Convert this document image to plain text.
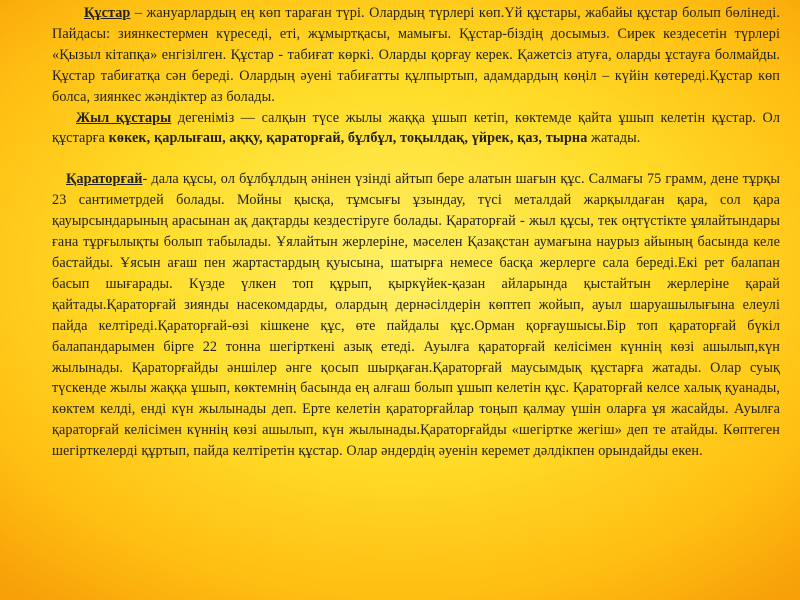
Құстар – жануарлардың ең көп тараған түрі. Олардың түрлері көп.Үй құстары, жабайы құстар болып бөлінеді. Пайдасы: зиянкестермен күреседі, еті, жұмыртқасы, мамығы. Құстар-біздің досымыз. Сирек кездесетін түрлері «Қызыл кітапқа» енгізілген. Құстар - табиғат көркі. Оларды қорғау керек. Қажетсіз атуға, оларды ұстауға болмайды. Құстар табиғатқа сән береді. Олардың әуені табиғатты құлпыртып, адамдардың көңіл – күйін көтереді.Құстар көп болса, зиянкес жәндіктер аз болады.

Жыл құстары дегеніміз — салқын түсе жылы жаққа ұшып кетіп, көктемде қайта ұшып келетін құстар. Ол құстарға көкек, қарлығаш, аққу, қараторғай, бұлбұл, тоқылдақ, үйрек, қаз, тырна жатады.

Қараторғай- дала құсы, ол бұлбұлдың әнінен үзінді айтып бере алатын шағын құс. Салмағы 75 грамм, дене тұрқы 23 сантиметрдей болады. Мойны қысқа, тұмсығы ұзындау, түсі металдай жарқылдаған қара, сол қара қауырсындарының арасынан ақ дақтарды кездестіруге болады. Қараторғай - жыл құсы, тек оңтүстікте ұялайтындары ғана тұрғылықты болып табылады. Ұялайтын жерлеріне, мәселен Қазақстан аумағына наурыз айының басында келе бастайды. Ұясын ағаш пен жартастардың қуысына, шатырға немесе басқа жерлерге сала береді.Екі рет балапан басып шығарады. Күзде үлкен топ құрып, қыркүйек-қазан айларында қыстайтын жерлеріне қарай қайтады.Қараторғай зиянды насекомдарды, олардың дернәсілдерін көптеп жойып, ауыл шаруашылығына елеулі пайда келтіреді.Қараторғай-өзі кішкене құс, өте пайдалы құс.Орман қорғаушысы.Бір топ қараторғай бүкіл балапандарымен бірге 22 тонна шегірткені азық етеді. Ауылға қараторғай келісімен күннің көзі ашылып,күн жылынады. Қараторғайды әншілер әнге қосып шырқаған.Қараторғай маусымдық құстарға жатады. Олар суық түскенде жылы жаққа ұшып, көктемнің басында ең алғаш болып ұшып келетін құс. Қараторғай келсе халық қуанады, көктем келді, енді күн жылынады деп. Ерте келетін қараторғайлар тоңып қалмау үшін оларға ұя жасайды. Ауылға қараторғай келісімен күннің көзі ашылып, күн жылынады.Қараторғайды «шегіртке жегіш» деп те атайды. Көптеген шегірткелерді құртып, пайда келтіретін құстар. Олар әндердің әуенін керемет дәлдікпен орындайды екен.
